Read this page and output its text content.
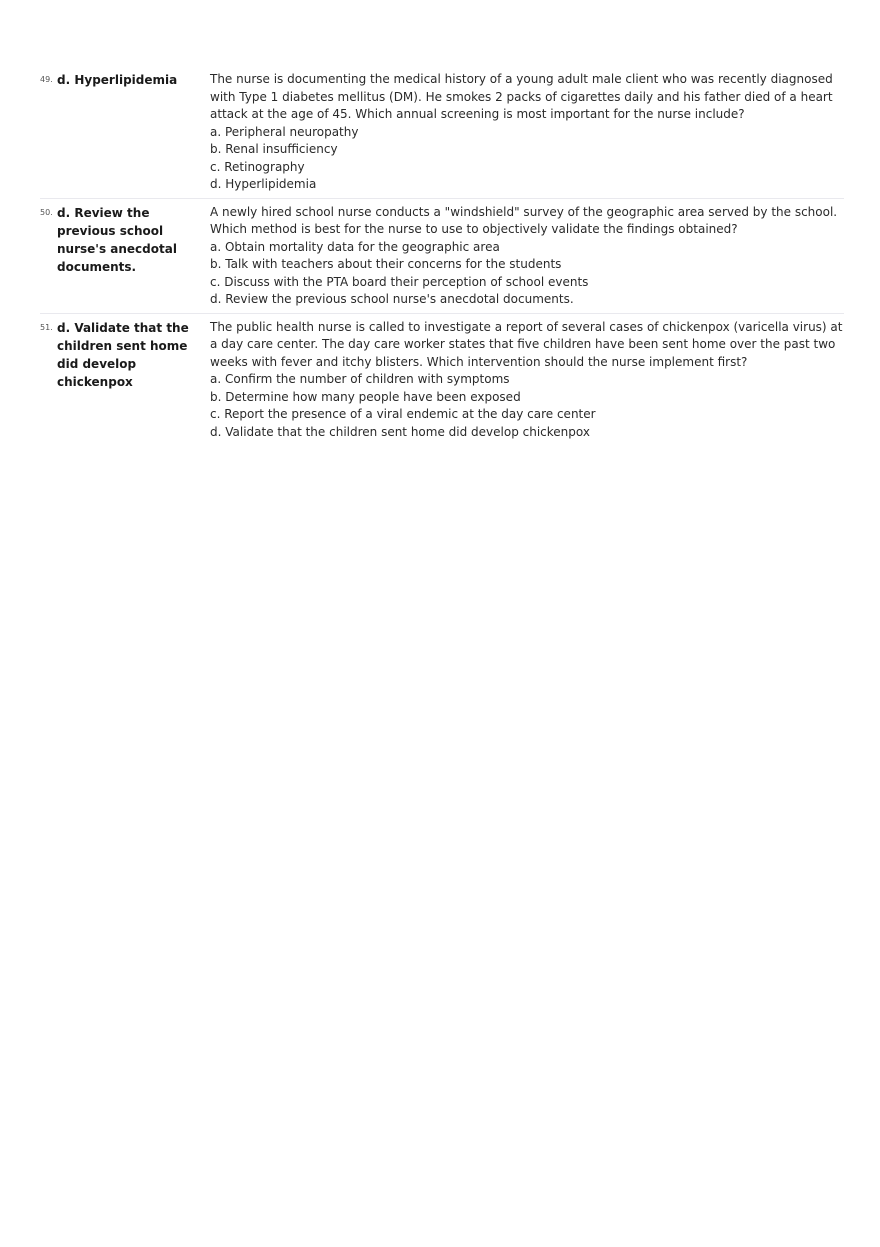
49. d. Hyperlipidemia	The nurse is documenting the medical history of a young adult male client who was recently diagnosed with Type 1 diabetes mellitus (DM). He smokes 2 packs of cigarettes daily and his father died of a heart attack at the age of 45. Which annual screening is most important for the nurse include?
a. Peripheral neuropathy
b. Renal insufficiency
c. Retinography
d. Hyperlipidemia
50. d. Review the previous school nurse's anecdotal documents.
A newly hired school nurse conducts a "windshield" survey of the geographic area served by the school. Which method is best for the nurse to use to objectively validate the findings obtained?
a. Obtain mortality data for the geographic area
b. Talk with teachers about their concerns for the students
c. Discuss with the PTA board their perception of school events
d. Review the previous school nurse's anecdotal documents.
51. d. Validate that the children sent home did develop chickenpox
The public health nurse is called to investigate a report of several cases of chickenpox (varicella virus) at a day care center. The day care worker states that five children have been sent home over the past two weeks with fever and itchy blisters. Which intervention should the nurse implement first?
a. Confirm the number of children with symptoms
b. Determine how many people have been exposed
c. Report the presence of a viral endemic at the day care center
d. Validate that the children sent home did develop chickenpox
